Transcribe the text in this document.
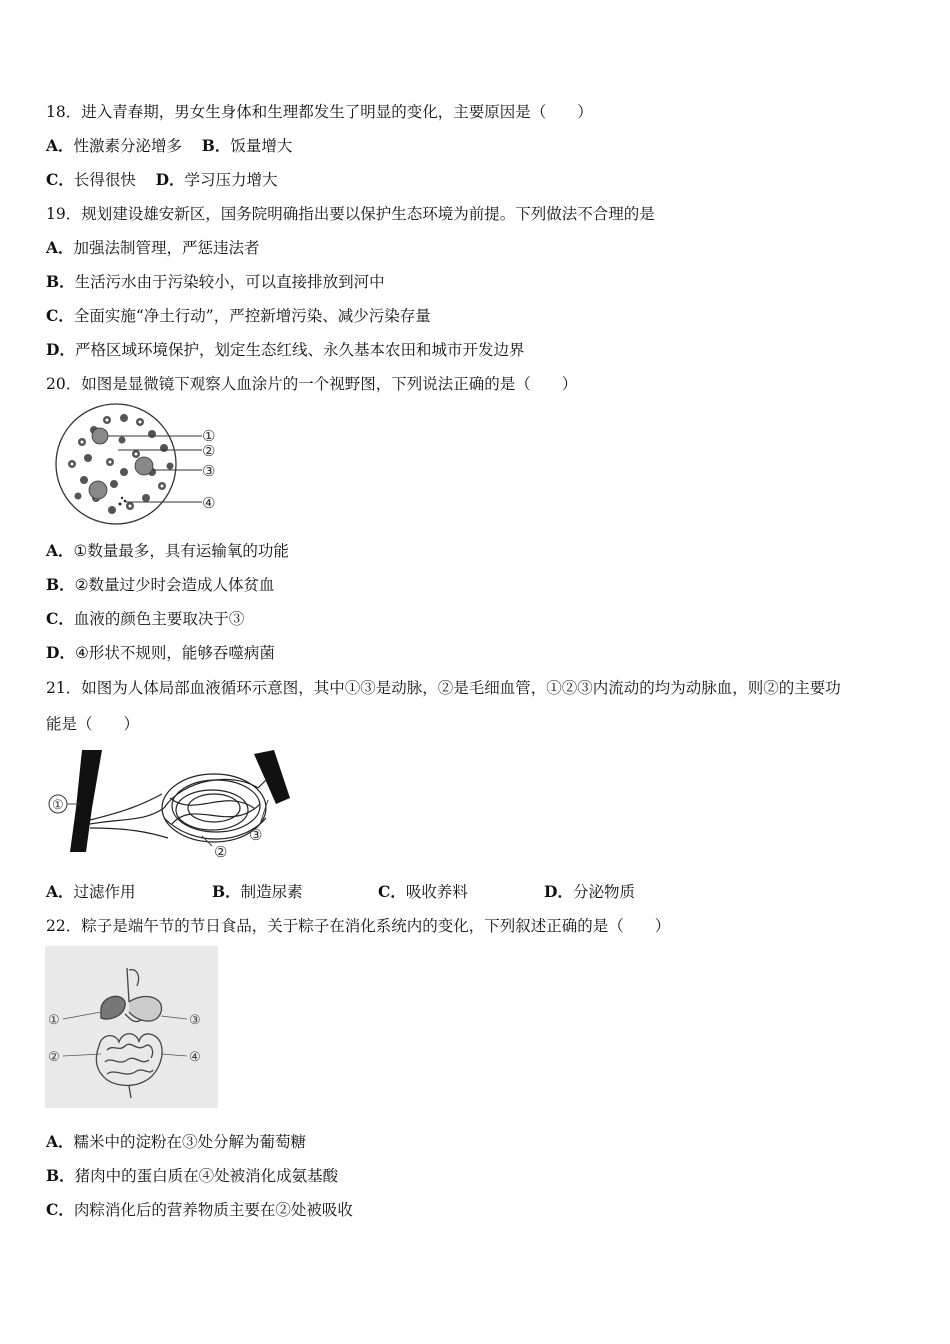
18．进入青春期，男女生身体和生理都发生了明显的变化，主要原因是（　　）
A．性激素分泌增多 B．饭量增大
C．长得很快 D．学习压力增大
19．规划建设雄安新区，国务院明确指出要以保护生态环境为前提。下列做法不合理的是
A．加强法制管理，严惩违法者
B．生活污水由于污染较小，可以直接排放到河中
C．全面实施“净土行动”，严控新增污染、减少污染存量
D．严格区域环境保护，划定生态红线、永久基本农田和城市开发边界
20．如图是显微镜下观察人血涂片的一个视野图，下列说法正确的是（　　）
①
②
③
④
A．①数量最多，具有运输氧的功能
B．②数量过少时会造成人体贫血
C．血液的颜色主要取决于③
D．④形状不规则，能够吞噬病菌
21．如图为人体局部血液循环示意图，其中①③是动脉，②是毛细血管，①②③内流动的均为动脉血，则②的主要功
能是（　　）
①
②
③
A．过滤作用	B．制造尿素	C．吸收养料	D．分泌物质
22．粽子是端午节的节日食品，关于粽子在消化系统内的变化，下列叙述正确的是（　　）
①
②
③
④
A．糯米中的淀粉在③处分解为葡萄糖
B．猪肉中的蛋白质在④处被消化成氨基酸
C．肉粽消化后的营养物质主要在②处被吸收
